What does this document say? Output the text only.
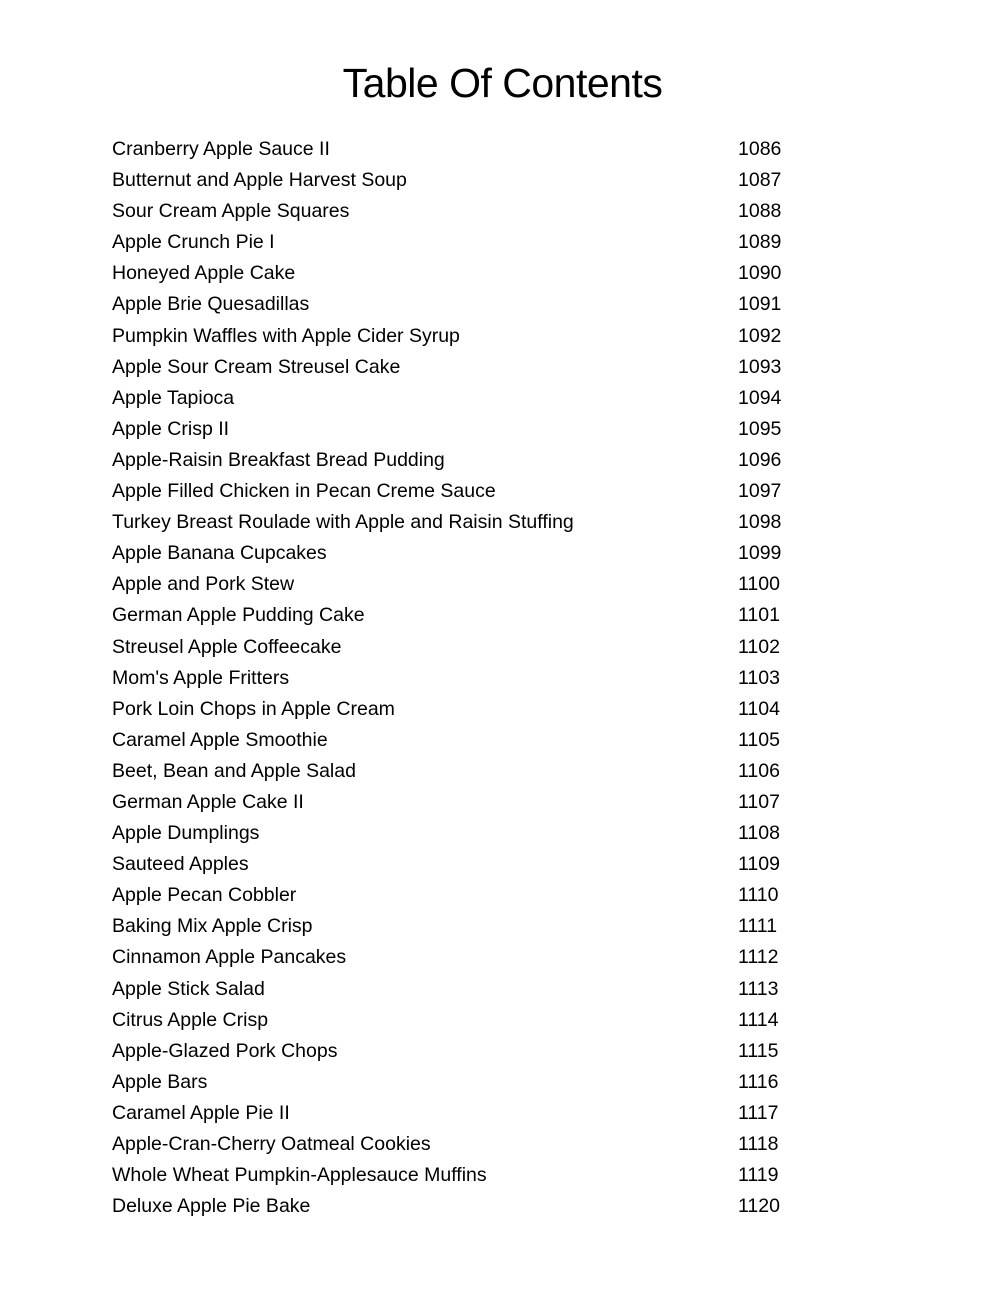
Table Of Contents
Cranberry Apple Sauce II	1086
Butternut and Apple Harvest Soup	1087
Sour Cream Apple Squares	1088
Apple Crunch Pie I	1089
Honeyed Apple Cake	1090
Apple Brie Quesadillas	1091
Pumpkin Waffles with Apple Cider Syrup	1092
Apple Sour Cream Streusel Cake	1093
Apple Tapioca	1094
Apple Crisp II	1095
Apple-Raisin Breakfast Bread Pudding	1096
Apple Filled Chicken in Pecan Creme Sauce	1097
Turkey Breast Roulade with Apple and Raisin Stuffing	1098
Apple Banana Cupcakes	1099
Apple and Pork Stew	1100
German Apple Pudding Cake	1101
Streusel Apple Coffeecake	1102
Mom's Apple Fritters	1103
Pork Loin Chops in Apple Cream	1104
Caramel Apple Smoothie	1105
Beet, Bean and Apple Salad	1106
German Apple Cake II	1107
Apple Dumplings	1108
Sauteed Apples	1109
Apple Pecan Cobbler	1110
Baking Mix Apple Crisp	1111
Cinnamon Apple Pancakes	1112
Apple Stick Salad	1113
Citrus Apple Crisp	1114
Apple-Glazed Pork Chops	1115
Apple Bars	1116
Caramel Apple Pie II	1117
Apple-Cran-Cherry Oatmeal Cookies	1118
Whole Wheat Pumpkin-Applesauce Muffins	1119
Deluxe Apple Pie Bake	1120
